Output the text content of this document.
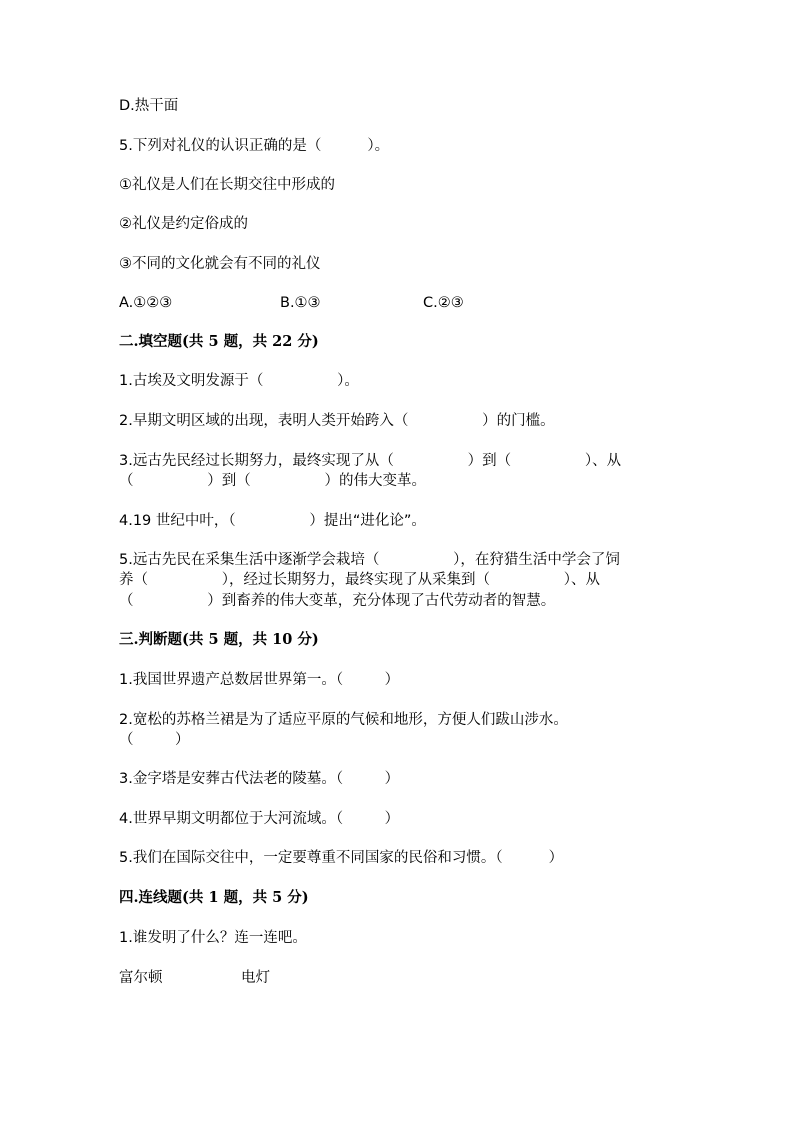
D.热干面
5.下列对礼仪的认识正确的是（          ）。
①礼仪是人们在长期交往中形成的
②礼仪是约定俗成的
③不同的文化就会有不同的礼仪
A.①②③	B.①③	C.②③
二.填空题(共 5 题，共 22 分)
1.古埃及文明发源于（                ）。
2.早期文明区域的出现，表明人类开始跨入（                ）的门槛。
3.远古先民经过长期努力，最终实现了从（                ）到（                ）、从
（                ）到（                ）的伟大变革。
4.19 世纪中叶，（                ）提出“进化论”。
5.远古先民在采集生活中逐渐学会栽培（                ），在狩猎生活中学会了饲
养（                ），经过长期努力，最终实现了从采集到（                ）、从
（                ）到畜养的伟大变革，充分体现了古代劳动者的智慧。
三.判断题(共 5 题，共 10 分)
1.我国世界遗产总数居世界第一。（         ）
2.宽松的苏格兰裙是为了适应平原的气候和地形，方便人们跋山涉水。
（         ）
3.金字塔是安葬古代法老的陵墓。（         ）
4.世界早期文明都位于大河流域。（         ）
5.我们在国际交往中，一定要尊重不同国家的民俗和习惯。（          ）
四.连线题(共 1 题，共 5 分)
1.谁发明了什么？连一连吧。
富尔顿	电灯
